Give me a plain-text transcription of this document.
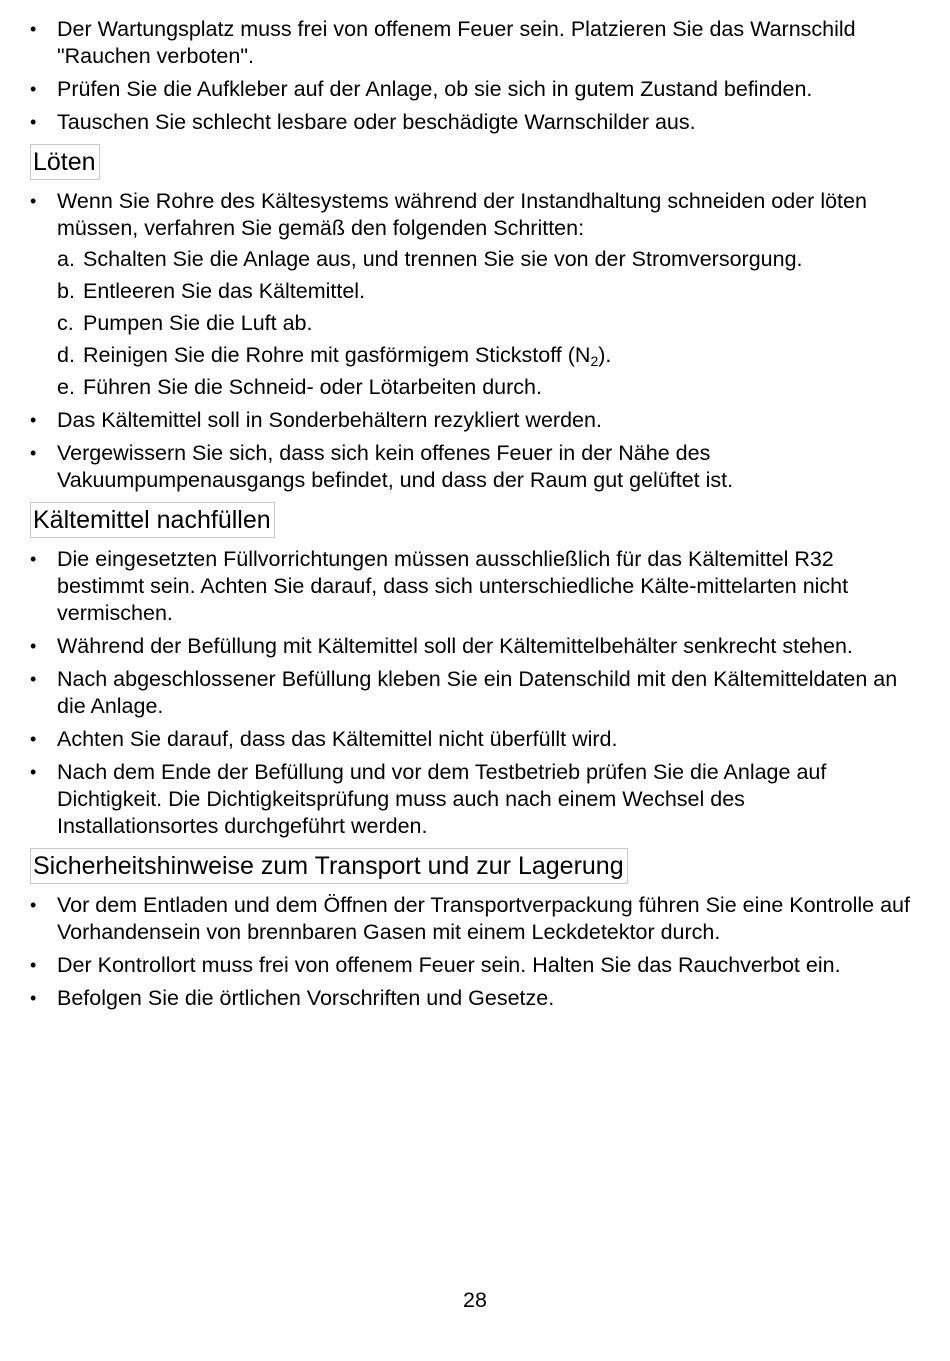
• Der Wartungsplatz muss frei von offenem Feuer sein. Platzieren Sie das Warnschild "Rauchen verboten".
• Prüfen Sie die Aufkleber auf der Anlage, ob sie sich in gutem Zustand befinden.
• Tauschen Sie schlecht lesbare oder beschädigte Warnschilder aus.
Löten
• Wenn Sie Rohre des Kältesystems während der Instandhaltung schneiden oder löten müssen, verfahren Sie gemäß den folgenden Schritten:
a. Schalten Sie die Anlage aus, und trennen Sie sie von der Stromversorgung.
b. Entleeren Sie das Kältemittel.
c. Pumpen Sie die Luft ab.
d. Reinigen Sie die Rohre mit gasförmigem Stickstoff $(N_2)$.
e. Führen Sie die Schneid- oder Lötarbeiten durch.
• Das Kältemittel soll in Sonderbehältern rezykliert werden.
• Vergewissern Sie sich, dass sich kein offenes Feuer in der Nähe des Vakuumpumpenausgangs befindet, und dass der Raum gut gelüftet ist.
Kältemittel nachfüllen
• Die eingesetzten Füllvorrichtungen müssen ausschließlich für das Kältemittel R32 bestimmt sein. Achten Sie darauf, dass sich unterschiedliche Kälte-mittelarten nicht vermischen.
• Während der Befüllung mit Kältemittel soll der Kältemittelbehälter senkrecht stehen.
• Nach abgeschlossener Befüllung kleben Sie ein Datenschild mit den Kältemitteldaten an die Anlage.
• Achten Sie darauf, dass das Kältemittel nicht überfüllt wird.
• Nach dem Ende der Befüllung und vor dem Testbetrieb prüfen Sie die Anlage auf Dichtigkeit. Die Dichtigkeitsprüfung muss auch nach einem Wechsel des Installationsortes durchgeführt werden.
Sicherheitshinweise zum Transport und zur Lagerung
• Vor dem Entladen und dem Öffnen der Transportverpackung führen Sie eine Kontrolle auf Vorhandensein von brennbaren Gasen mit einem Leckdetektor durch.
• Der Kontrollort muss frei von offenem Feuer sein. Halten Sie das Rauchverbot ein.
• Befolgen Sie die örtlichen Vorschriften und Gesetze.
28
